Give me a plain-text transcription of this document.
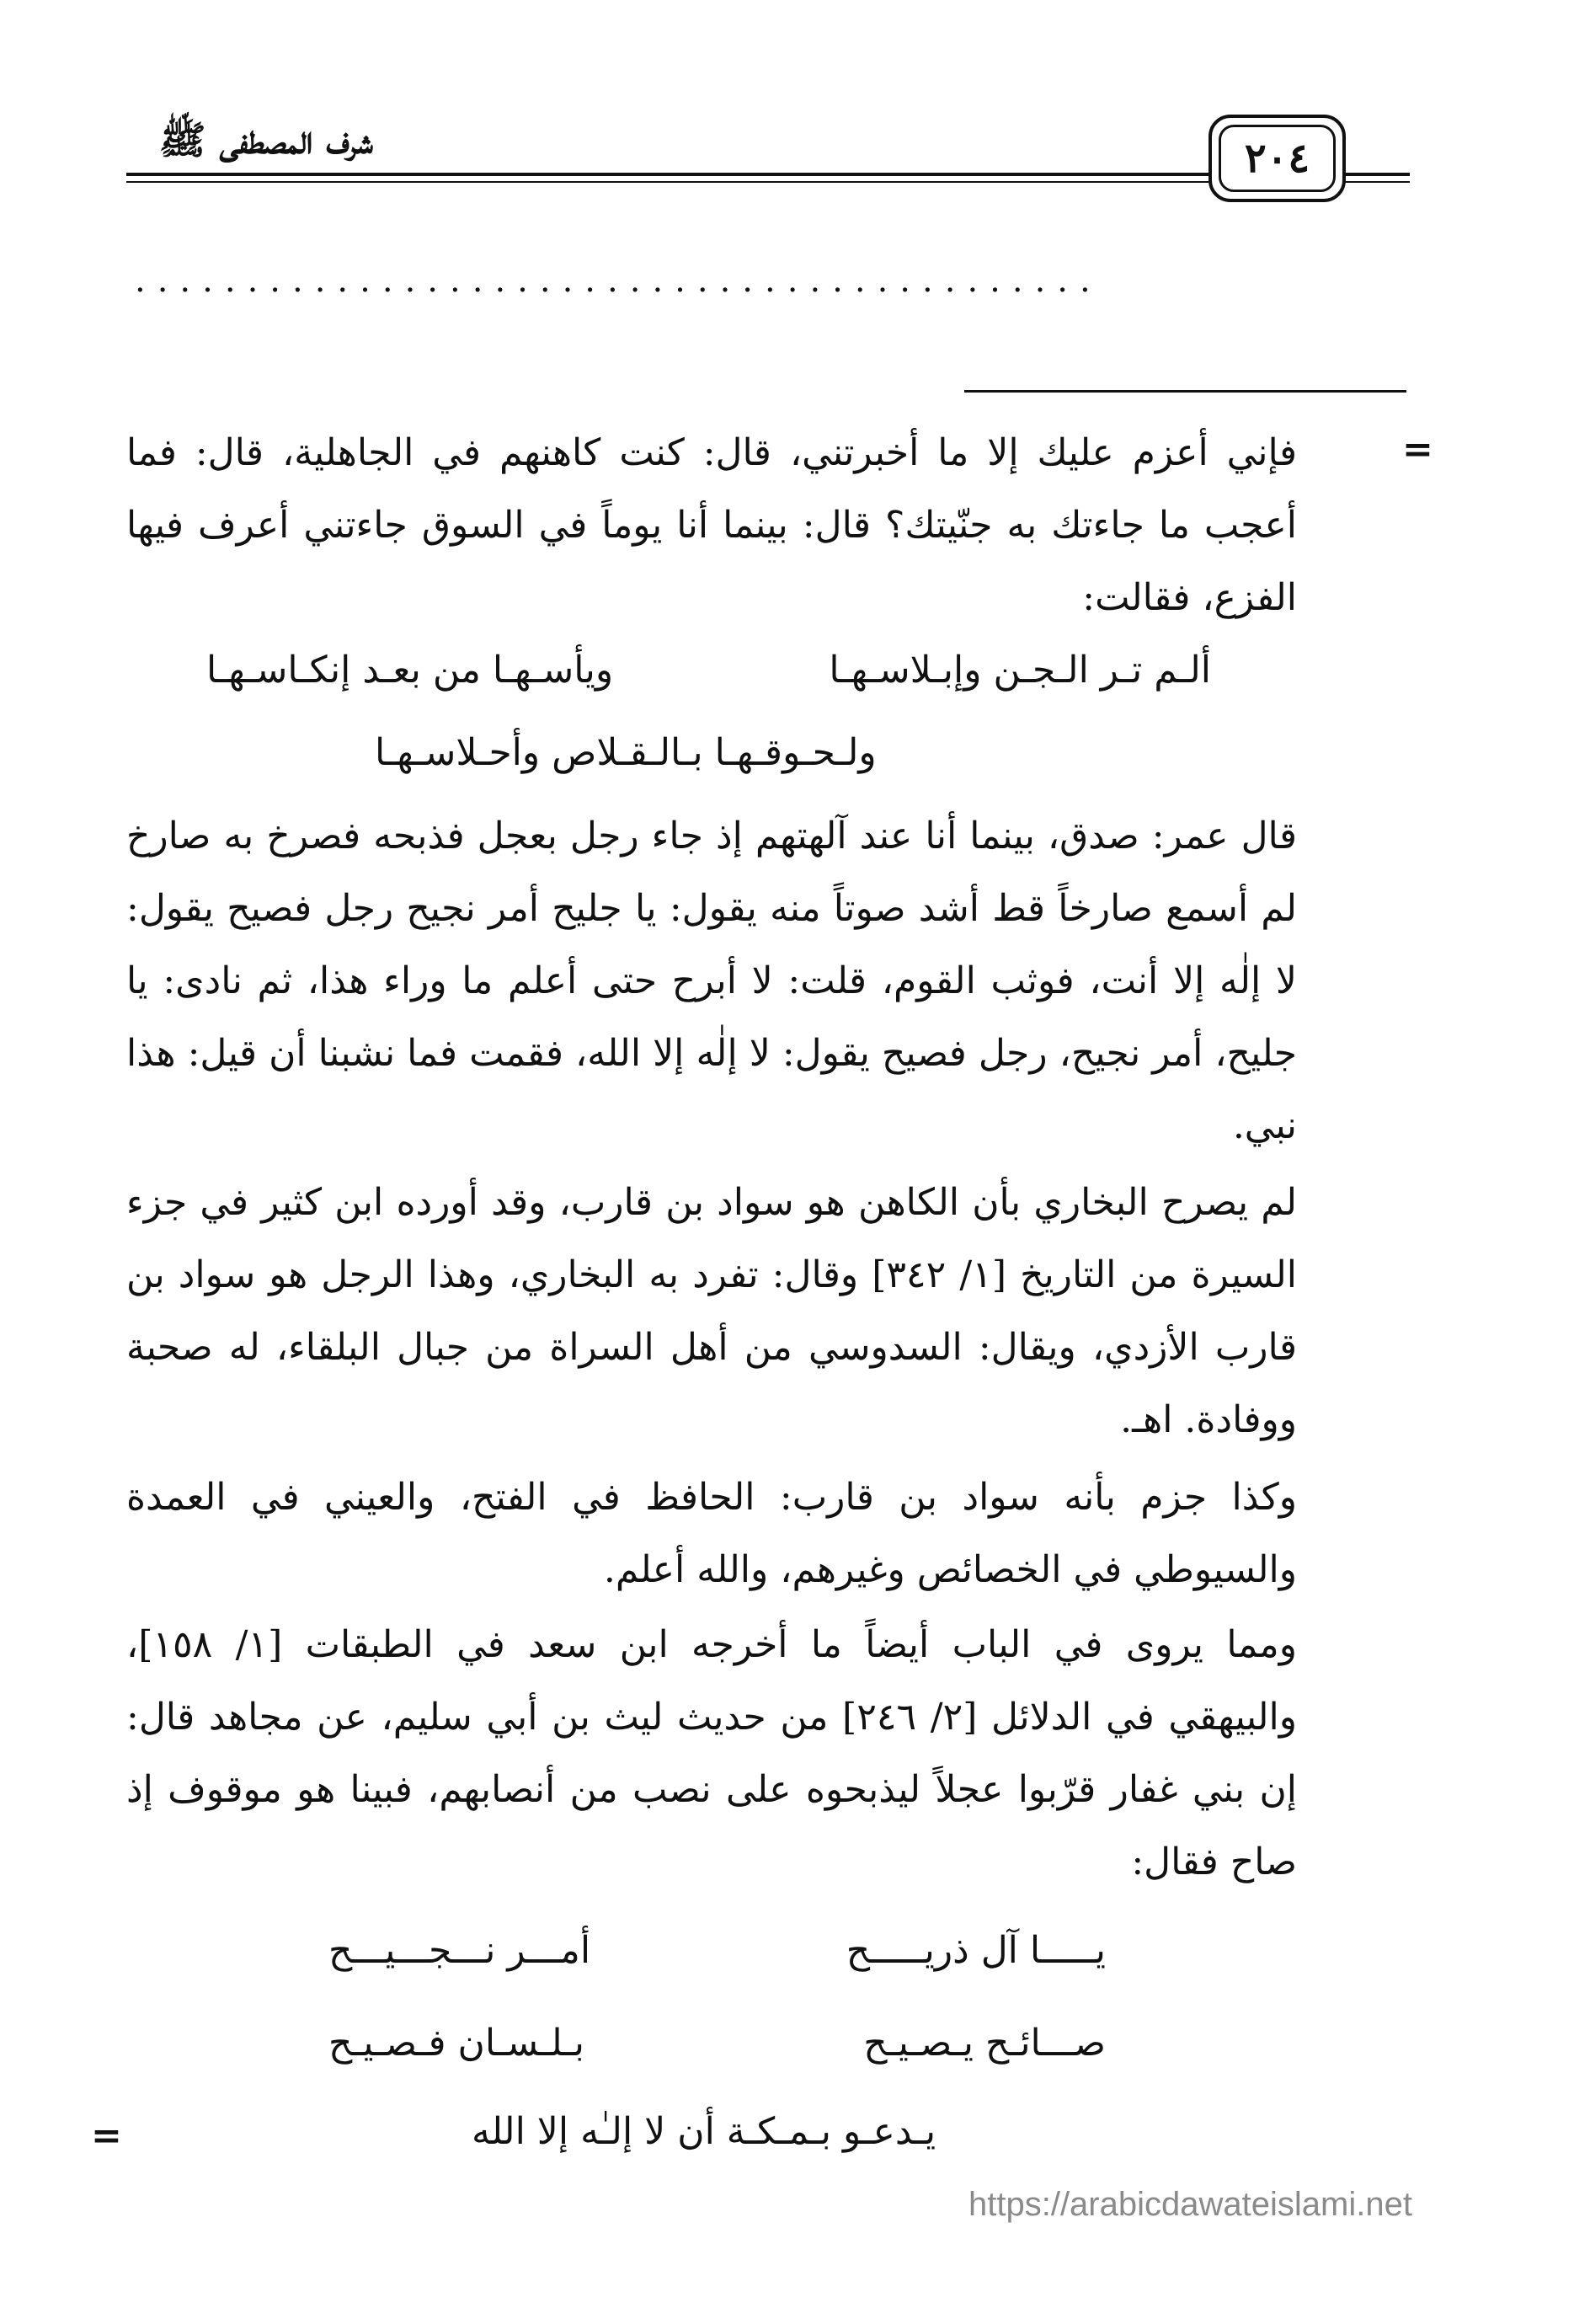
شرف المصطفى ﷺ	٢٠٤
...........................................
=
=
فإني أعزم عليك إلا ما أخبرتني، قال: كنت كاهنهم في الجاهلية، قال: فما أعجب ما جاءتك به جنّيتك؟ قال: بينما أنا يوماً في السوق جاءتني أعرف فيها الفزع، فقالت:
ألـم تـر الـجـن وإبـلاسـهـا
ويأسـهـا من بعـد إنكـاسـهـا
ولـحـوقـهـا بـالـقـلاص وأحـلاسـهـا
قال عمر: صدق، بينما أنا عند آلهتهم إذ جاء رجل بعجل فذبحه فصرخ به صارخ لم أسمع صارخاً قط أشد صوتاً منه يقول: يا جليح أمر نجيح رجل فصيح يقول: لا إلٰه إلا أنت، فوثب القوم، قلت: لا أبرح حتى أعلم ما وراء هذا، ثم نادى: يا جليح، أمر نجيح، رجل فصيح يقول: لا إلٰه إلا الله، فقمت فما نشبنا أن قيل: هذا نبي.
لم يصرح البخاري بأن الكاهن هو سواد بن قارب، وقد أورده ابن كثير في جزء السيرة من التاريخ [١/ ٣٤٢] وقال: تفرد به البخاري، وهذا الرجل هو سواد بن قارب الأزدي، ويقال: السدوسي من أهل السراة من جبال البلقاء، له صحبة ووفادة. اهـ.
وكذا جزم بأنه سواد بن قارب: الحافظ في الفتح، والعيني في العمدة والسيوطي في الخصائص وغيرهم، والله أعلم.
ومما يروى في الباب أيضاً ما أخرجه ابن سعد في الطبقات [١/ ١٥٨]، والبيهقي في الدلائل [٢/ ٢٤٦] من حديث ليث بن أبي سليم، عن مجاهد قال: إن بني غفار قرّبوا عجلاً ليذبحوه على نصب من أنصابهم، فبينا هو موقوف إذ صاح فقال:
يـــــا آل ذريـــــح
أمـــر نـــجـــيـــح
صـــائـح يـصـيـح
بـلـسـان فـصـيـح
يـدعـو بـمـكـة أن لا إلـٰه إلا الله
https://arabicdawateislami.net
